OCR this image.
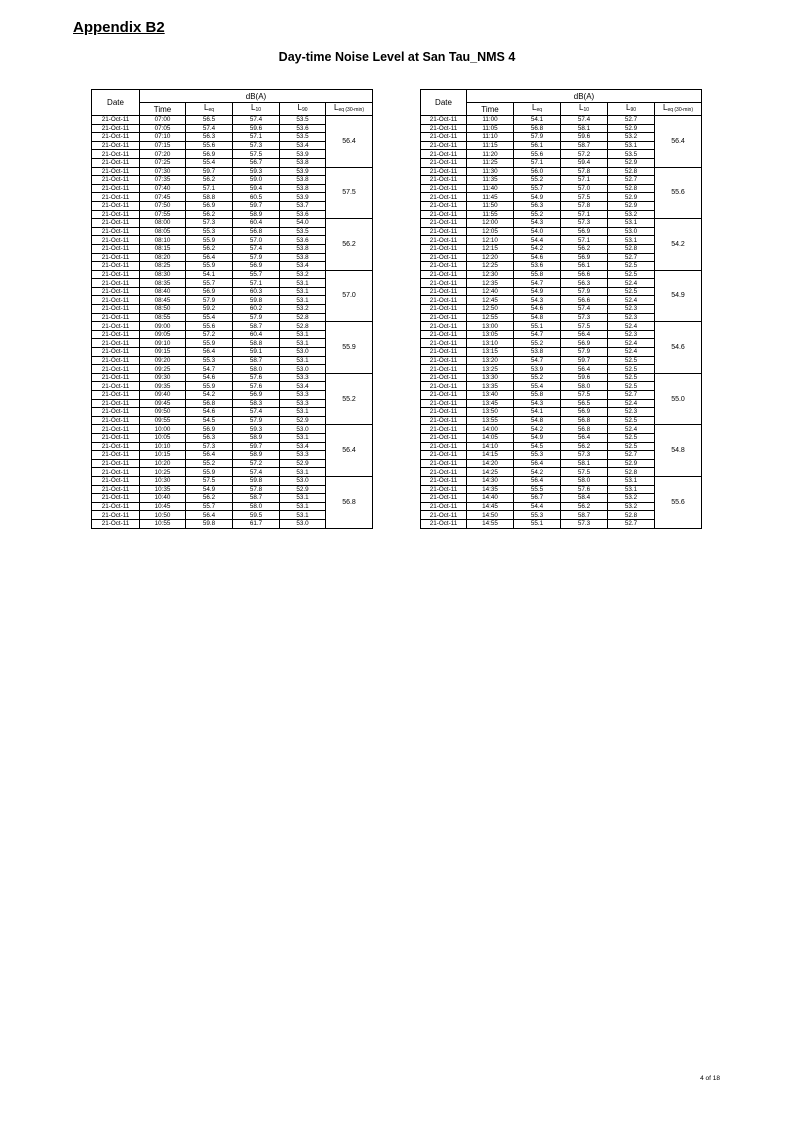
Appendix B2
Day-time Noise Level at San Tau_NMS 4
Date	dB(A)				
	Time	$L_{eq}$	$L_{10}$	$L_{90}$	$L_{eq (30-min)}$
21-Oct-11	07:00	56.5	57.4	53.5	56.4
21-Oct-11	07:05	57.4	59.6	53.6	
21-Oct-11	07:10	56.3	57.1	53.5	
21-Oct-11	07:15	55.6	57.3	53.4	
21-Oct-11	07:20	56.9	57.5	53.9	
21-Oct-11	07:25	55.4	56.7	53.8	
21-Oct-11	07:30	59.7	59.3	53.9	57.5
21-Oct-11	07:35	56.2	59.0	53.8	
21-Oct-11	07:40	57.1	59.4	53.8	
21-Oct-11	07:45	58.8	60.5	53.9	
21-Oct-11	07:50	56.9	59.7	53.7	
21-Oct-11	07:55	56.2	58.9	53.6	
21-Oct-11	08:00	57.3	60.4	54.0	56.2
21-Oct-11	08:05	55.3	56.8	53.5	
21-Oct-11	08:10	55.9	57.0	53.6	
21-Oct-11	08:15	56.2	57.4	53.8	
21-Oct-11	08:20	56.4	57.9	53.8	
21-Oct-11	08:25	55.9	56.9	53.4	
21-Oct-11	08:30	54.1	55.7	53.2	57.0
21-Oct-11	08:35	55.7	57.1	53.1	
21-Oct-11	08:40	56.9	60.3	53.1	
21-Oct-11	08:45	57.9	59.8	53.1	
21-Oct-11	08:50	59.2	60.2	53.2	
21-Oct-11	08:55	55.4	57.9	52.8	
21-Oct-11	09:00	55.6	58.7	52.8	55.9
21-Oct-11	09:05	57.2	60.4	53.1	
21-Oct-11	09:10	55.9	58.8	53.1	
21-Oct-11	09:15	56.4	59.1	53.0	
21-Oct-11	09:20	55.3	58.7	53.1	
21-Oct-11	09:25	54.7	58.0	53.0	
21-Oct-11	09:30	54.6	57.6	53.3	55.2
21-Oct-11	09:35	55.9	57.6	53.4	
21-Oct-11	09:40	54.2	56.9	53.3	
21-Oct-11	09:45	56.8	58.3	53.3	
21-Oct-11	09:50	54.6	57.4	53.1	
21-Oct-11	09:55	54.5	57.9	52.9	
21-Oct-11	10:00	56.9	59.3	53.0	56.4
21-Oct-11	10:05	56.3	58.9	53.1	
21-Oct-11	10:10	57.3	59.7	53.4	
21-Oct-11	10:15	56.4	58.9	53.3	
21-Oct-11	10:20	55.2	57.2	52.9	
21-Oct-11	10:25	55.9	57.4	53.1	
21-Oct-11	10:30	57.5	59.8	53.0	56.8
21-Oct-11	10:35	54.9	57.8	52.9	
21-Oct-11	10:40	56.2	58.7	53.1	
21-Oct-11	10:45	55.7	58.0	53.1	
21-Oct-11	10:50	56.4	59.5	53.1	
21-Oct-11	10:55	59.8	61.7	53.0	
Date	dB(A)				
	Time	$L_{eq}$	$L_{10}$	$L_{90}$	$L_{eq (30-min)}$
21-Oct-11	11:00	54.1	57.4	52.7	56.4
21-Oct-11	11:05	56.8	58.1	52.9	
21-Oct-11	11:10	57.9	59.6	53.2	
21-Oct-11	11:15	56.1	58.7	53.1	
21-Oct-11	11:20	55.6	57.2	53.5	
21-Oct-11	11:25	57.1	59.4	52.9	
21-Oct-11	11:30	56.0	57.8	52.8	55.6
21-Oct-11	11:35	55.2	57.1	52.7	
21-Oct-11	11:40	55.7	57.0	52.8	
21-Oct-11	11:45	54.9	57.5	52.9	
21-Oct-11	11:50	56.3	57.8	52.9	
21-Oct-11	11:55	55.2	57.1	53.2	
21-Oct-11	12:00	54.3	57.3	53.1	54.2
21-Oct-11	12:05	54.0	56.9	53.0	
21-Oct-11	12:10	54.4	57.1	53.1	
21-Oct-11	12:15	54.2	56.2	52.8	
21-Oct-11	12:20	54.6	56.9	52.7	
21-Oct-11	12:25	53.6	56.1	52.5	
21-Oct-11	12:30	55.8	56.6	52.5	54.9
21-Oct-11	12:35	54.7	56.3	52.4	
21-Oct-11	12:40	54.9	57.9	52.5	
21-Oct-11	12:45	54.3	56.6	52.4	
21-Oct-11	12:50	54.6	57.4	52.3	
21-Oct-11	12:55	54.8	57.3	52.3	
21-Oct-11	13:00	55.1	57.5	52.4	54.6
21-Oct-11	13:05	54.7	56.4	52.3	
21-Oct-11	13:10	55.2	56.9	52.4	
21-Oct-11	13:15	53.8	57.9	52.4	
21-Oct-11	13:20	54.7	59.7	52.5	
21-Oct-11	13:25	53.9	56.4	52.5	
21-Oct-11	13:30	55.2	59.6	52.5	55.0
21-Oct-11	13:35	55.4	58.0	52.5	
21-Oct-11	13:40	55.8	57.5	52.7	
21-Oct-11	13:45	54.3	56.5	52.4	
21-Oct-11	13:50	54.1	56.9	52.3	
21-Oct-11	13:55	54.8	56.8	52.5	
21-Oct-11	14:00	54.2	56.8	52.4	54.8
21-Oct-11	14:05	54.9	56.4	52.5	
21-Oct-11	14:10	54.5	56.2	52.5	
21-Oct-11	14:15	55.3	57.3	52.7	
21-Oct-11	14:20	56.4	58.1	52.9	
21-Oct-11	14:25	54.2	57.5	52.8	
21-Oct-11	14:30	56.4	58.0	53.1	55.6
21-Oct-11	14:35	55.5	57.6	53.1	
21-Oct-11	14:40	56.7	58.4	53.2	
21-Oct-11	14:45	54.4	56.2	53.2	
21-Oct-11	14:50	55.3	58.7	52.8	
21-Oct-11	14:55	55.1	57.3	52.7	
4 of 18
